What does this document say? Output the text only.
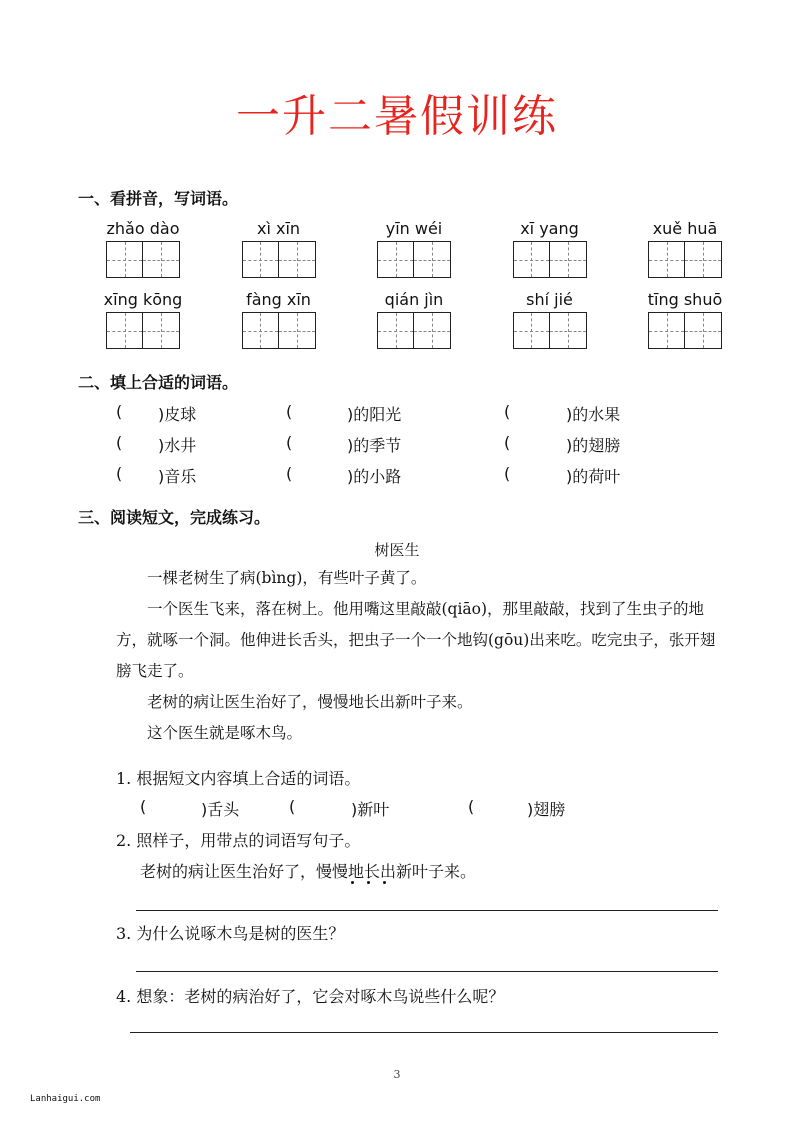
一升二暑假训练
一、看拼音，写词语。
zhǎo dào	xì xīn	yīn wéi	xī yang	xuě huā
xīng kōng	fàng xīn	qián jìn	shí jié	tīng shuō
二、填上合适的词语。
( )皮球	(	)的阳光	(	)的水果
( )水井	(	)的季节	(	)的翅膀
( )音乐	(	)的小路	(	)的荷叶
三、阅读短文，完成练习。
树医生

一棵老树生了病(bìng)，有些叶子黄了。

一个医生飞来，落在树上。他用嘴这里敲敲(qiāo)，那里敲敲，找到了生虫子的地方，就啄一个洞。他伸进长舌头，把虫子一个一个地钩(gōu)出来吃。吃完虫子，张开翅膀飞走了。

老树的病让医生治好了，慢慢地长出新叶子来。

这个医生就是啄木鸟。

1. 根据短文内容填上合适的词语。
(	)舌头	(	)新叶	(	)翅膀
2. 照样子，用带点的词语写句子。
老树的病让医生治好了，慢慢地长出新叶子来。
3. 为什么说啄木鸟是树的医生？
4. 想象：老树的病治好了，它会对啄木鸟说些什么呢？
3
Lanhaigui.com
